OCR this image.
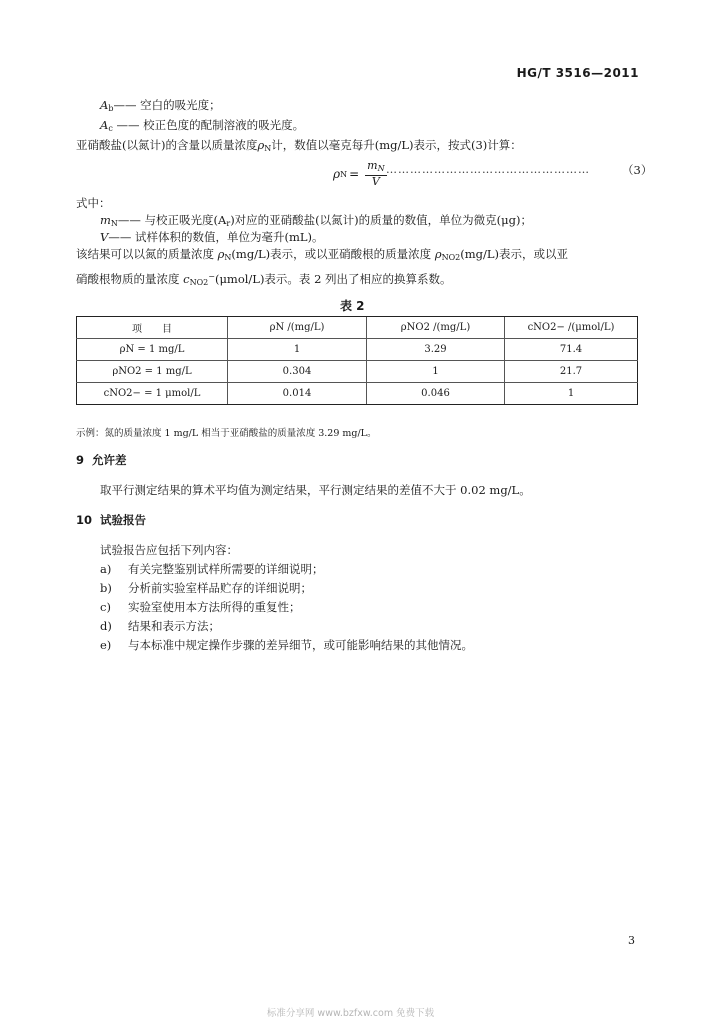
HG/T 3516—2011
$A_b——$ 空白的吸光度；
$A_c$ —— 校正色度的配制溶液的吸光度。
亚硝酸盐(以氮计)的含量以质量浓度$\rho_N$计，数值以毫克每升(mg/L)表示，按式(3)计算：
ρ $N = \frac{m_N}{V}$ ……………………………………………	（3）
式中：
$m_N——$ 与校正吸光度$(A_r)$对应的亚硝酸盐(以氮计)的质量的数值，单位为微克(μg)；
V—— 试样体积的数值，单位为毫升(mL)。
该结果可以以氮的质量浓度 $\rho_N(mg/L)$表示，或以亚硝酸根的质量浓度 $\rho_{NO2}(mg/L)$表示，或以亚
硝酸根物质的量浓度 $c_{NO2}^-(\mu mol/L)$表示。表 2 列出了相应的换算系数。
表 2
项　　目	ρN /(mg/L)	ρNO2 /(mg/L)	cNO2− /(μmol/L)
ρN = 1 mg/L	1	3.29	71.4
ρNO2 = 1 mg/L	0.304	1	21.7
cNO2− = 1 μmol/L	0.014	0.046	1
示例：氮的质量浓度 1 mg/L 相当于亚硝酸盐的质量浓度 3.29 mg/L。
9 允许差
取平行测定结果的算术平均值为测定结果，平行测定结果的差值不大于 0.02 mg/L。
10 试验报告
试验报告应包括下列内容：
a) 有关完整鉴别试样所需要的详细说明；
b) 分析前实验室样品贮存的详细说明；
c) 实验室使用本方法所得的重复性；
d) 结果和表示方法；
e) 与本标准中规定操作步骤的差异细节，或可能影响结果的其他情况。
3
标准分享网 www.bzfxw.com 免费下载
